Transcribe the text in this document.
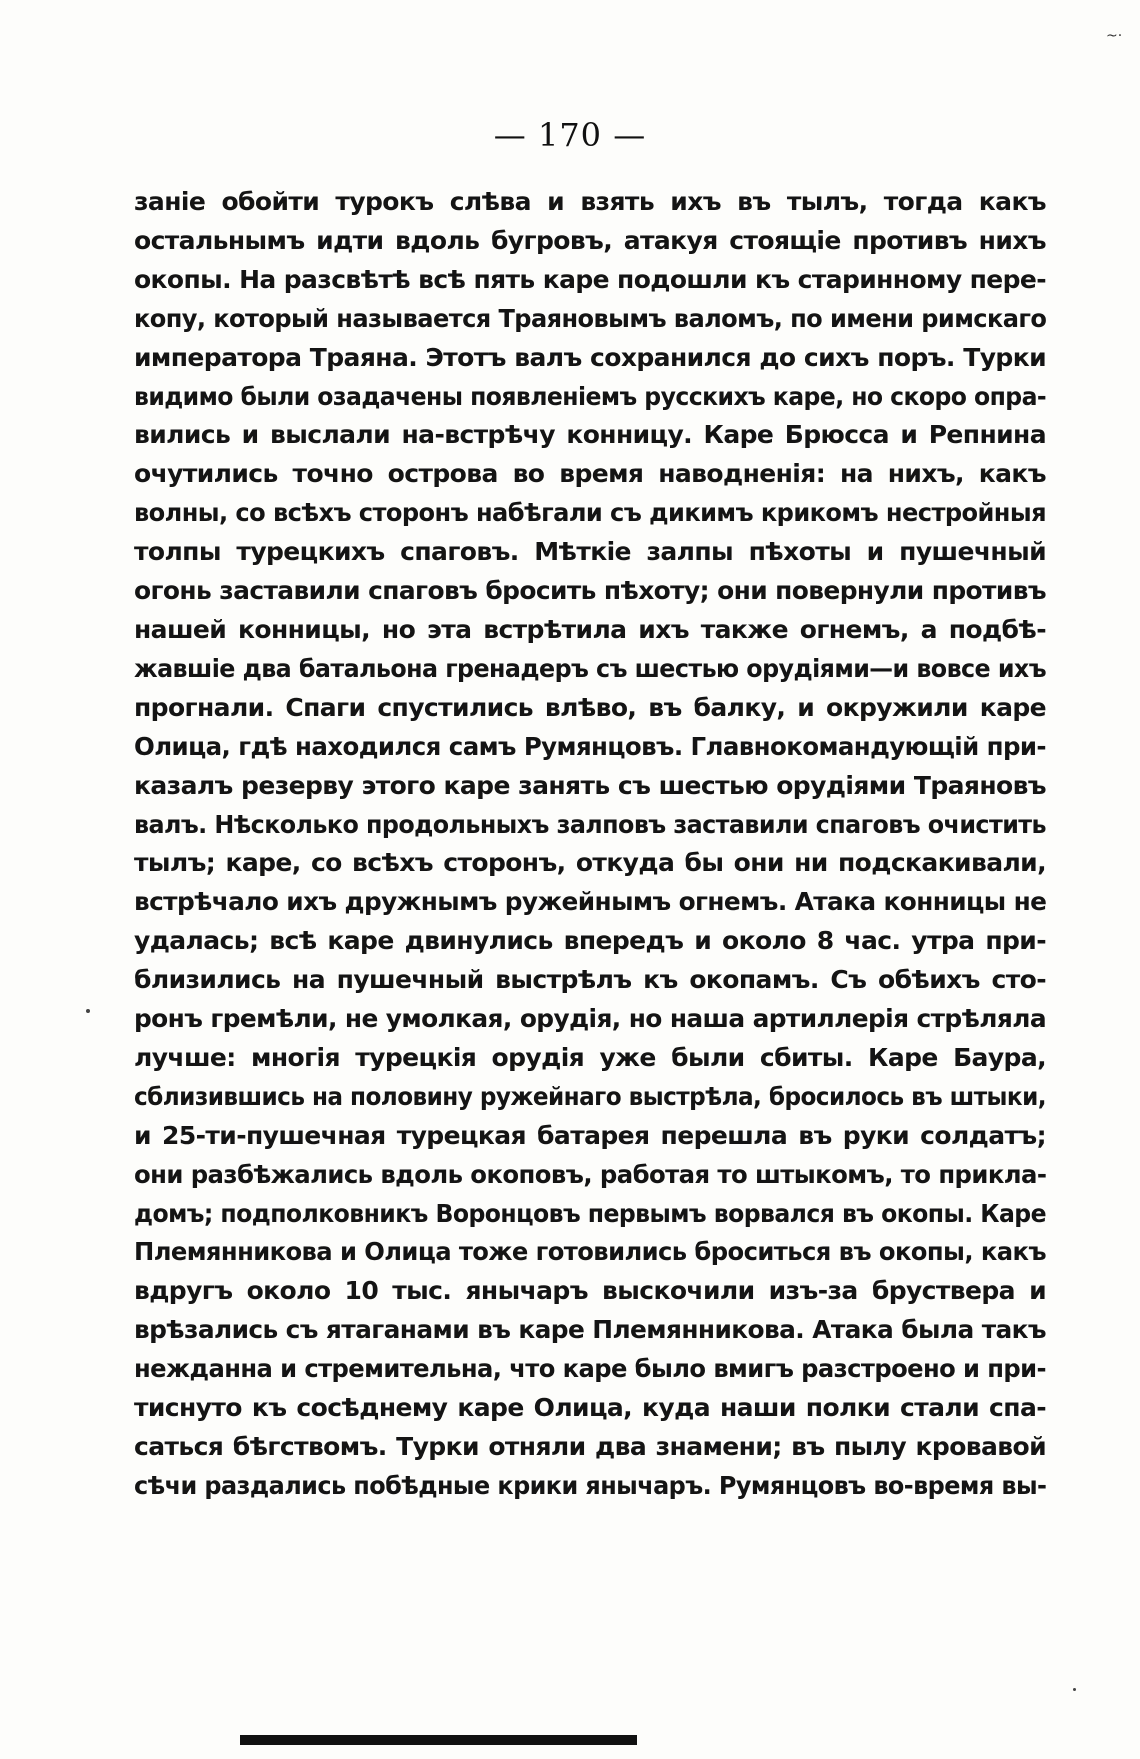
~·
— 170 —
заніе обойти турокъ слѣва и взять ихъ въ тылъ, тогда какъ
остальнымъ идти вдоль бугровъ, атакуя стоящіе противъ нихъ
окопы. На разсвѣтѣ всѣ пять каре подошли къ старинному пере-
копу, который называется Траяновымъ валомъ, по имени римскаго
императора Траяна. Этотъ валъ сохранился до сихъ поръ. Турки
видимо были озадачены появленіемъ русскихъ каре, но скоро опра-
вились и выслали на-встрѣчу конницу. Каре Брюсса и Репнина
очутились точно острова во время наводненія: на нихъ, какъ
волны, со всѣхъ сторонъ набѣгали съ дикимъ крикомъ нестройныя
толпы турецкихъ спаговъ. Мѣткіе залпы пѣхоты и пушечный
огонь заставили спаговъ бросить пѣхоту; они повернули противъ
нашей конницы, но эта встрѣтила ихъ также огнемъ, а подбѣ-
жавшіе два батальона гренадеръ съ шестью орудіями—и вовсе ихъ
прогнали. Спаги спустились влѣво, въ балку, и окружили каре
Олица, гдѣ находился самъ Румянцовъ. Главнокомандующій при-
казалъ резерву этого каре занять съ шестью орудіями Траяновъ
валъ. Нѣсколько продольныхъ залповъ заставили спаговъ очистить
тылъ; каре, со всѣхъ сторонъ, откуда бы они ни подскакивали,
встрѣчало ихъ дружнымъ ружейнымъ огнемъ. Атака конницы не
удалась; всѣ каре двинулись впередъ и около 8 час. утра при-
близились на пушечный выстрѣлъ къ окопамъ. Съ обѣихъ сто-
ронъ гремѣли, не умолкая, орудія, но наша артиллерія стрѣляла
лучше: многія турецкія орудія уже были сбиты. Каре Баура,
сблизившись на половину ружейнаго выстрѣла, бросилось въ штыки,
и 25-ти-пушечная турецкая батарея перешла въ руки солдатъ;
они разбѣжались вдоль окоповъ, работая то штыкомъ, то прикла-
домъ; подполковникъ Воронцовъ первымъ ворвался въ окопы. Каре
Племянникова и Олица тоже готовились броситься въ окопы, какъ
вдругъ около 10 тыс. янычаръ выскочили изъ-за бруствера и
врѣзались съ ятаганами въ каре Племянникова. Атака была такъ
нежданна и стремительна, что каре было вмигъ разстроено и при-
тиснуто къ сосѣднему каре Олица, куда наши полки стали спа-
саться бѣгствомъ. Турки отняли два знамени; въ пылу кровавой
сѣчи раздались побѣдные крики янычаръ. Румянцовъ во-время вы-
